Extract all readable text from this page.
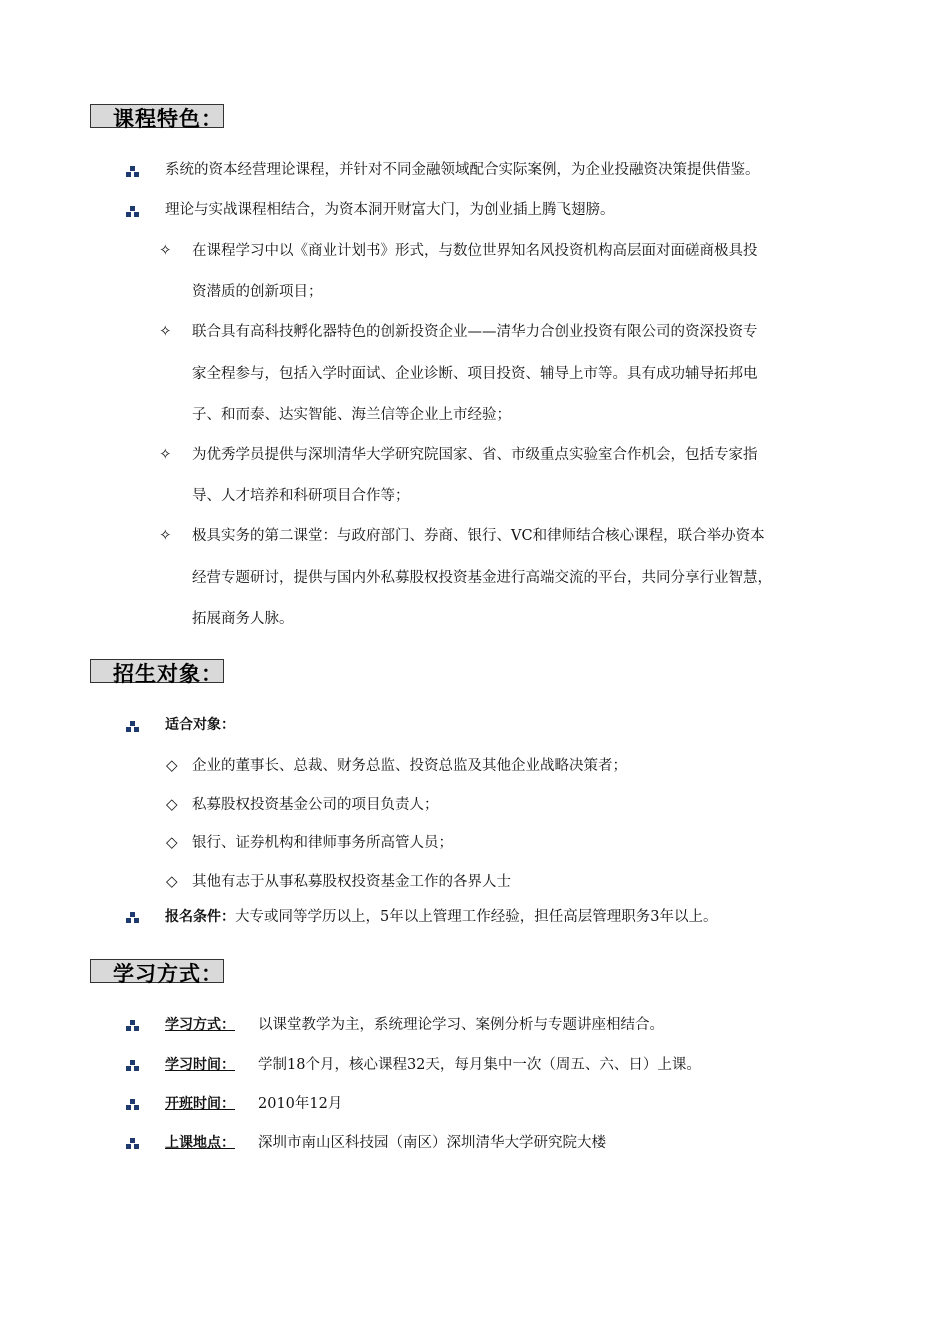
课程特色：
系统的资本经营理论课程，并针对不同金融领域配合实际案例，为企业投融资决策提供借鉴。
理论与实战课程相结合，为资本洞开财富大门，为创业插上腾飞翅膀。
✧ 在课程学习中以《商业计划书》形式，与数位世界知名风投资机构高层面对面磋商极具投
资潜质的创新项目；
✧ 联合具有高科技孵化器特色的创新投资企业——清华力合创业投资有限公司的资深投资专
家全程参与，包括入学时面试、企业诊断、项目投资、辅导上市等。具有成功辅导拓邦电
子、和而泰、达实智能、海兰信等企业上市经验；
✧ 为优秀学员提供与深圳清华大学研究院国家、省、市级重点实验室合作机会，包括专家指
导、人才培养和科研项目合作等；
✧ 极具实务的第二课堂：与政府部门、券商、银行、VC和律师结合核心课程，联合举办资本
经营专题研讨，提供与国内外私募股权投资基金进行高端交流的平台，共同分享行业智慧，
拓展商务人脉。
招生对象：
适合对象：
◇ 企业的董事长、总裁、财务总监、投资总监及其他企业战略决策者；
◇ 私募股权投资基金公司的项目负责人；
◇ 银行、证券机构和律师事务所高管人员；
◇ 其他有志于从事私募股权投资基金工作的各界人士
报名条件：大专或同等学历以上，5年以上管理工作经验，担任高层管理职务3年以上。
学习方式：
学习方式： 以课堂教学为主，系统理论学习、案例分析与专题讲座相结合。
学习时间： 学制18个月，核心课程32天，每月集中一次（周五、六、日）上课。
开班时间： 2010年12月
上课地点： 深圳市南山区科技园（南区）深圳清华大学研究院大楼
